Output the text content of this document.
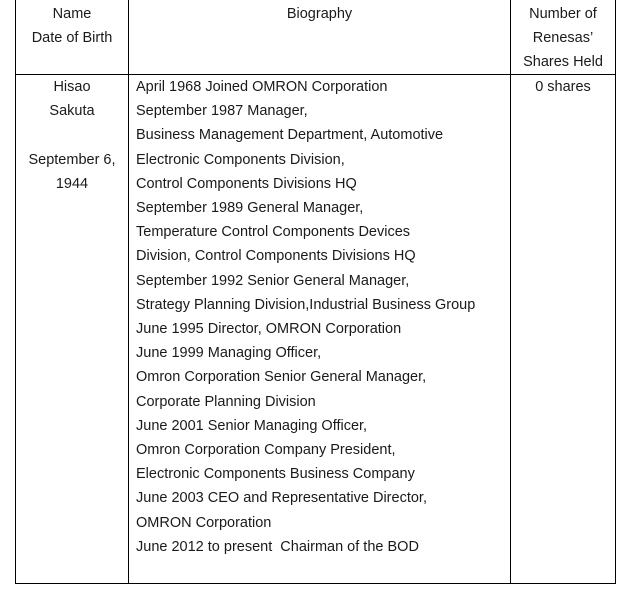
Name
Date of Birth
Biography	Number of
Renesas’
Shares Held
Hisao
Sakuta
September 6,
1944
April 1968 Joined OMRON Corporation
September 1987 Manager,
Business Management Department, Automotive
Electronic Components Division,
Control Components Divisions HQ
September 1989 General Manager,
Temperature Control Components Devices
Division, Control Components Divisions HQ
September 1992 Senior General Manager,
Strategy Planning Division,Industrial Business Group
June 1995 Director, OMRON Corporation
June 1999 Managing Officer,
Omron Corporation Senior General Manager,
Corporate Planning Division
June 2001 Senior Managing Officer,
Omron Corporation Company President,
Electronic Components Business Company
June 2003 CEO and Representative Director,
OMRON Corporation
June 2012 to present  Chairman of the BOD
0 shares
